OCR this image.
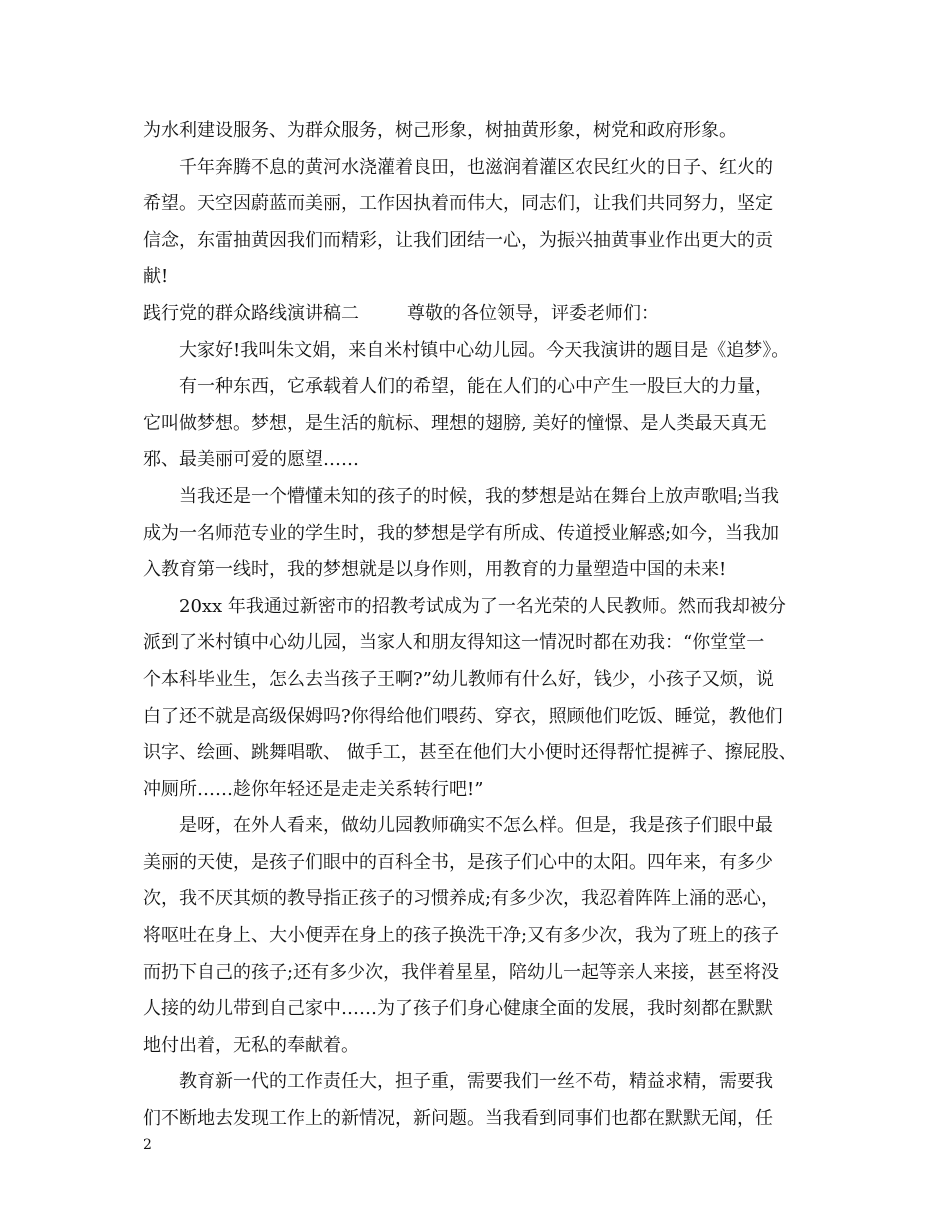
为水利建设服务、为群众服务，树己形象，树抽黄形象，树党和政府形象。
千年奔腾不息的黄河水浇灌着良田，也滋润着灌区农民红火的日子、红火的
希望。天空因蔚蓝而美丽，工作因执着而伟大，同志们，让我们共同努力，坚定
信念，东雷抽黄因我们而精彩，让我们团结一心，为振兴抽黄事业作出更大的贡
献!
践行党的群众路线演讲稿二	尊敬的各位领导，评委老师们：
大家好!我叫朱文娟，来自米村镇中心幼儿园。今天我演讲的题目是《追梦》。
有一种东西，它承载着人们的希望，能在人们的心中产生一股巨大的力量，
它叫做梦想。梦想，是生活的航标、理想的翅膀, 美好的憧憬、是人类最天真无
邪、最美丽可爱的愿望……
当我还是一个懵懂未知的孩子的时候，我的梦想是站在舞台上放声歌唱;当我
成为一名师范专业的学生时，我的梦想是学有所成、传道授业解惑;如今，当我加
入教育第一线时，我的梦想就是以身作则，用教育的力量塑造中国的未来!
20xx 年我通过新密市的招教考试成为了一名光荣的人民教师。然而我却被分
派到了米村镇中心幼儿园，当家人和朋友得知这一情况时都在劝我：“你堂堂一
个本科毕业生，怎么去当孩子王啊?”幼儿教师有什么好，钱少，小孩子又烦，说
白了还不就是高级保姆吗?你得给他们喂药、穿衣，照顾他们吃饭、睡觉，教他们
识字、绘画、跳舞唱歌、 做手工，甚至在他们大小便时还得帮忙提裤子、擦屁股、
冲厕所……趁你年轻还是走走关系转行吧!”
是呀，在外人看来，做幼儿园教师确实不怎么样。但是，我是孩子们眼中最
美丽的天使，是孩子们眼中的百科全书，是孩子们心中的太阳。四年来，有多少
次，我不厌其烦的教导指正孩子的习惯养成;有多少次，我忍着阵阵上涌的恶心，
将呕吐在身上、大小便弄在身上的孩子换洗干净;又有多少次，我为了班上的孩子
而扔下自己的孩子;还有多少次，我伴着星星，陪幼儿一起等亲人来接，甚至将没
人接的幼儿带到自己家中……为了孩子们身心健康全面的发展，我时刻都在默默
地付出着，无私的奉献着。
教育新一代的工作责任大，担子重，需要我们一丝不苟，精益求精，需要我
们不断地去发现工作上的新情况，新问题。当我看到同事们也都在默默无闻，任
2
